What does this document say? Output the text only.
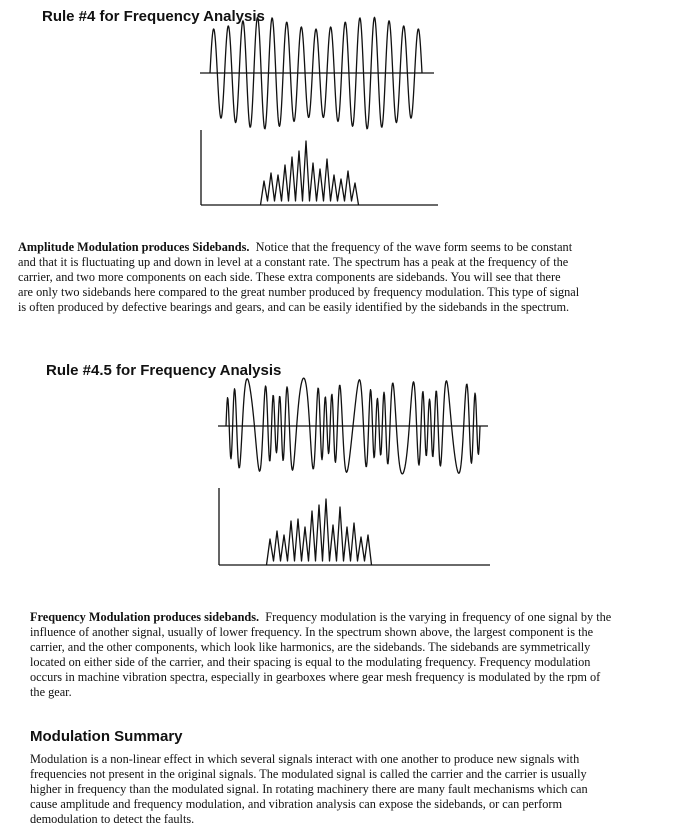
Rule #4 for Frequency Analysis

Amplitude Modulation produces Sidebands. Notice that the frequency of the wave form seems to be constant
and that it is fluctuating up and down in level at a constant rate. The spectrum has a peak at the frequency of the
carrier, and two more components on each side. These extra components are sidebands. You will see that there
are only two sidebands here compared to the great number produced by frequency modulation. This type of signal
is often produced by defective bearings and gears, and can be easily identified by the sidebands in the spectrum.

Rule #4.5 for Frequency Analysis

Frequency Modulation produces sidebands. Frequency modulation is the varying in frequency of one signal by the
influence of another signal, usually of lower frequency. In the spectrum shown above, the largest component is the
carrier, and the other components, which look like harmonics, are the sidebands. The sidebands are symmetrically
located on either side of the carrier, and their spacing is equal to the modulating frequency. Frequency modulation
occurs in machine vibration spectra, especially in gearboxes where gear mesh frequency is modulated by the rpm of
the gear.

Modulation Summary

Modulation is a non-linear effect in which several signals interact with one another to produce new signals with
frequencies not present in the original signals. The modulated signal is called the carrier and the carrier is usually
higher in frequency than the modulated signal. In rotating machinery there are many fault mechanisms which can
cause amplitude and frequency modulation, and vibration analysis can expose the sidebands, or can perform
demodulation to detect the faults.
